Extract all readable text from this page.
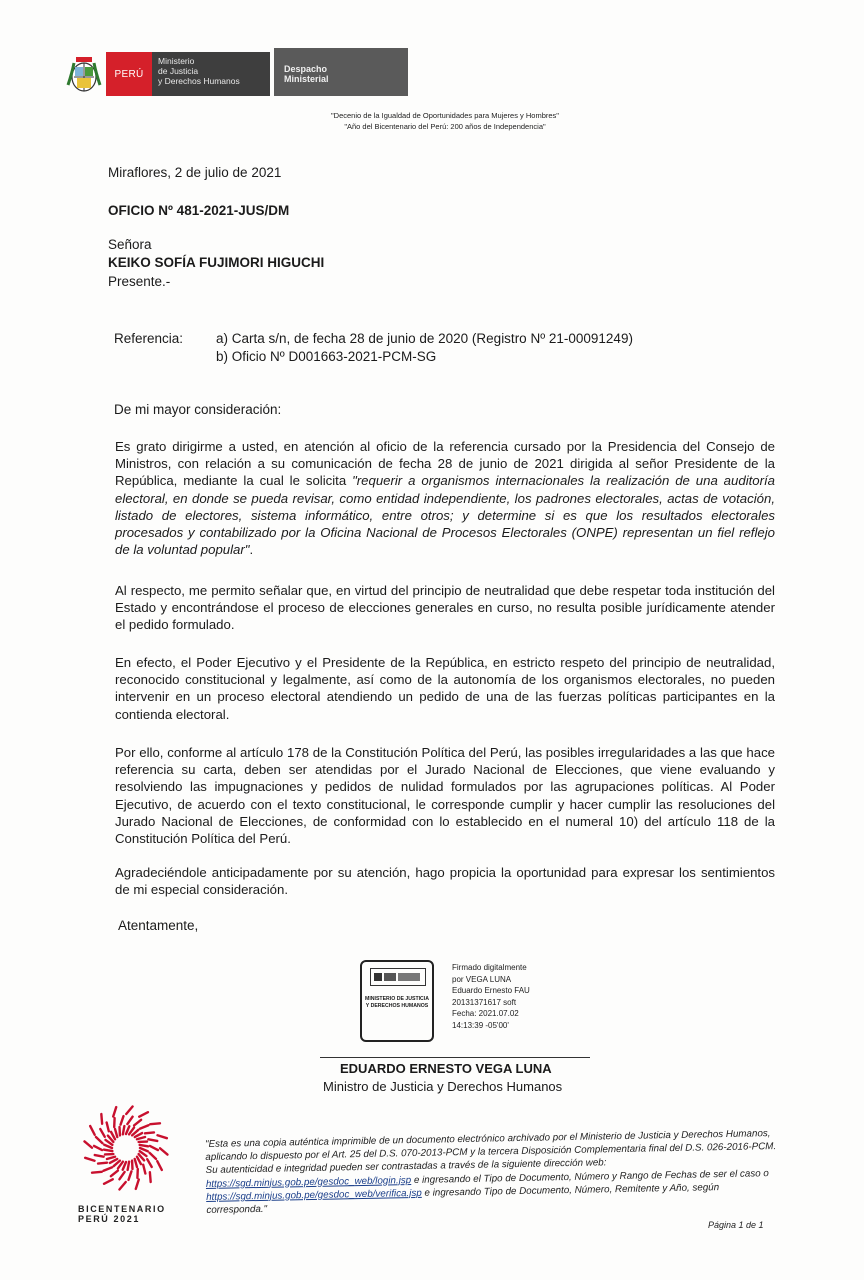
PERÚ
Ministerio
de Justicia
y Derechos Humanos
Despacho
Ministerial
"Decenio de la Igualdad de Oportunidades para Mujeres y Hombres"
"Año del Bicentenario del Perú: 200 años de Independencia"
Miraflores, 2 de julio de 2021
OFICIO Nº 481-2021-JUS/DM
Señora
KEIKO SOFÍA FUJIMORI HIGUCHI
Presente.-
Referencia: a) Carta s/n, de fecha 28 de junio de 2020 (Registro Nº 21-00091249)
b) Oficio Nº D001663-2021-PCM-SG
De mi mayor consideración:
Es grato dirigirme a usted, en atención al oficio de la referencia cursado por la Presidencia del Consejo de Ministros, con relación a su comunicación de fecha 28 de junio de 2021 dirigida al señor Presidente de la República, mediante la cual le solicita "requerir a organismos internacionales la realización de una auditoría electoral, en donde se pueda revisar, como entidad independiente, los padrones electorales, actas de votación, listado de electores, sistema informático, entre otros; y determine si es que los resultados electorales procesados y contabilizado por la Oficina Nacional de Procesos Electorales (ONPE) representan un fiel reflejo de la voluntad popular".
Al respecto, me permito señalar que, en virtud del principio de neutralidad que debe respetar toda institución del Estado y encontrándose el proceso de elecciones generales en curso, no resulta posible jurídicamente atender el pedido formulado.
En efecto, el Poder Ejecutivo y el Presidente de la República, en estricto respeto del principio de neutralidad, reconocido constitucional y legalmente, así como de la autonomía de los organismos electorales, no pueden intervenir en un proceso electoral atendiendo un pedido de una de las fuerzas políticas participantes en la contienda electoral.
Por ello, conforme al artículo 178 de la Constitución Política del Perú, las posibles irregularidades a las que hace referencia su carta, deben ser atendidas por el Jurado Nacional de Elecciones, que viene evaluando y resolviendo las impugnaciones y pedidos de nulidad formulados por las agrupaciones políticas. Al Poder Ejecutivo, de acuerdo con el texto constitucional, le corresponde cumplir y hacer cumplir las resoluciones del Jurado Nacional de Elecciones, de conformidad con lo establecido en el numeral 10) del artículo 118 de la Constitución Política del Perú.
Agradeciéndole anticipadamente por su atención, hago propicia la oportunidad para expresar los sentimientos de mi especial consideración.
Atentamente,
MINISTERIO DE JUSTICIA Y DERECHOS HUMANOS
Firmado digitalmente
por VEGA LUNA
Eduardo Ernesto FAU
20131371617 soft
Fecha: 2021.07.02
14:13:39 -05'00'
EDUARDO ERNESTO VEGA LUNA
Ministro de Justicia y Derechos Humanos
BICENTENARIO
PERÚ 2021
"Esta es una copia auténtica imprimible de un documento electrónico archivado por el Ministerio de Justicia y Derechos Humanos, aplicando lo dispuesto por el Art. 25 del D.S. 070-2013-PCM y la tercera Disposición Complementaria final del D.S. 026-2016-PCM. Su autenticidad e integridad pueden ser contrastadas a través de la siguiente dirección web: https://sgd.minjus.gob.pe/gesdoc_web/login.jsp e ingresando el Tipo de Documento, Número y Rango de Fechas de ser el caso o https://sgd.minjus.gob.pe/gesdoc_web/verifica.jsp e ingresando Tipo de Documento, Número, Remitente y Año, según corresponda."
Página 1 de 1
